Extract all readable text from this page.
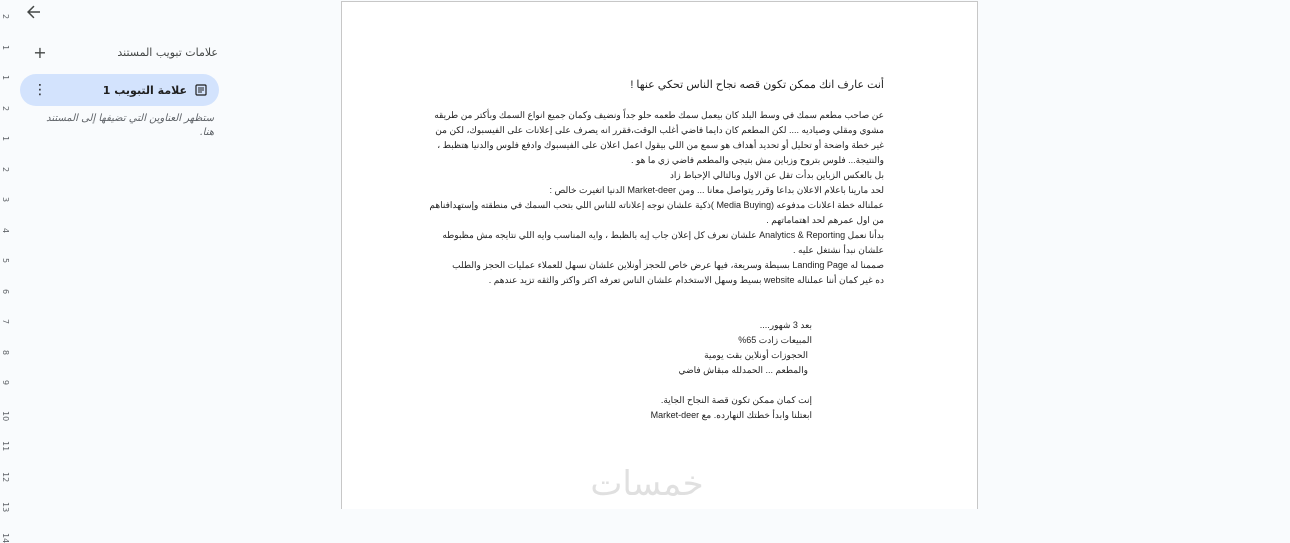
2
1
1
2
1
2
3
4
5
6
7
8
9
10
11
12
13
14
+	علامات تبويب المستند
⋮	علامة التبويب 1
ستظهر العناوين التي تضيفها إلى المستند هنا.
أنت عارف انك ممكن تكون قصه نجاح الناس تحكي عنها !
عن صاحب مطعم سمك في وسط البلد كان بيعمل سمك طعمه حلو جداً ونضيف وكمان جميع انواع السمك وبأكتر من طريقه
مشوي ومقلي وصياديه .... لكن المطعم كان دايما فاضي أغلب الوقت،فقرر انه يصرف على إعلانات على الفيسبوك، لكن من
غير خطة واضحة أو تحليل أو تحديد أهداف هو سمع من اللي بيقول اعمل اعلان على الفيسبوك وادفع فلوس والدنيا هتظبط ،
والنتيجة... فلوس بتروح وزباين مش بتيجي والمطعم فاضي زي ما هو .
بل بالعكس الزباين بدأت تقل عن الاول وبالتالي الإحباط زاد
لحد مارينا باعلام الاعلان بداعا وقرر يتواصل معانا ... ومن Market-deer الدنيا اتغيرت خالص :
عملناله خطة اعلانات مدفوعه (Media Buying )ذكية علشان نوجه إعلاناته للناس اللي بتحب السمك في منطقته وإستهدافناهم
من اول عمرهم لحد اهتماماتهم .
بدأنا نعمل Analytics & Reporting علشان نعرف كل إعلان جاب إيه بالظبط ، وايه المناسب وايه اللي نتايجه مش مظبوطه
علشان نبدأ نشتغل عليه .
صممنا له Landing Page بسيطة وسريعة، فيها عرض خاص للحجز أونلاين علشان نسهل للعملاء عمليات الحجز والطلب
ده غير كمان أننا عملناله website بسيط وسهل الاستخدام علشان الناس تعرفه اكتر واكتر والثقه تزيد عندهم .
بعد 3 شهور....
المبيعات زادت 65%
الحجوزات أونلاين بقت يومية
والمطعم ... الحمدلله مبقاش فاضي
إنت كمان ممكن تكون قصة النجاح الجاية.
ابعتلنا وابدأ خطتك النهارده. مع Market-deer
خمسات
